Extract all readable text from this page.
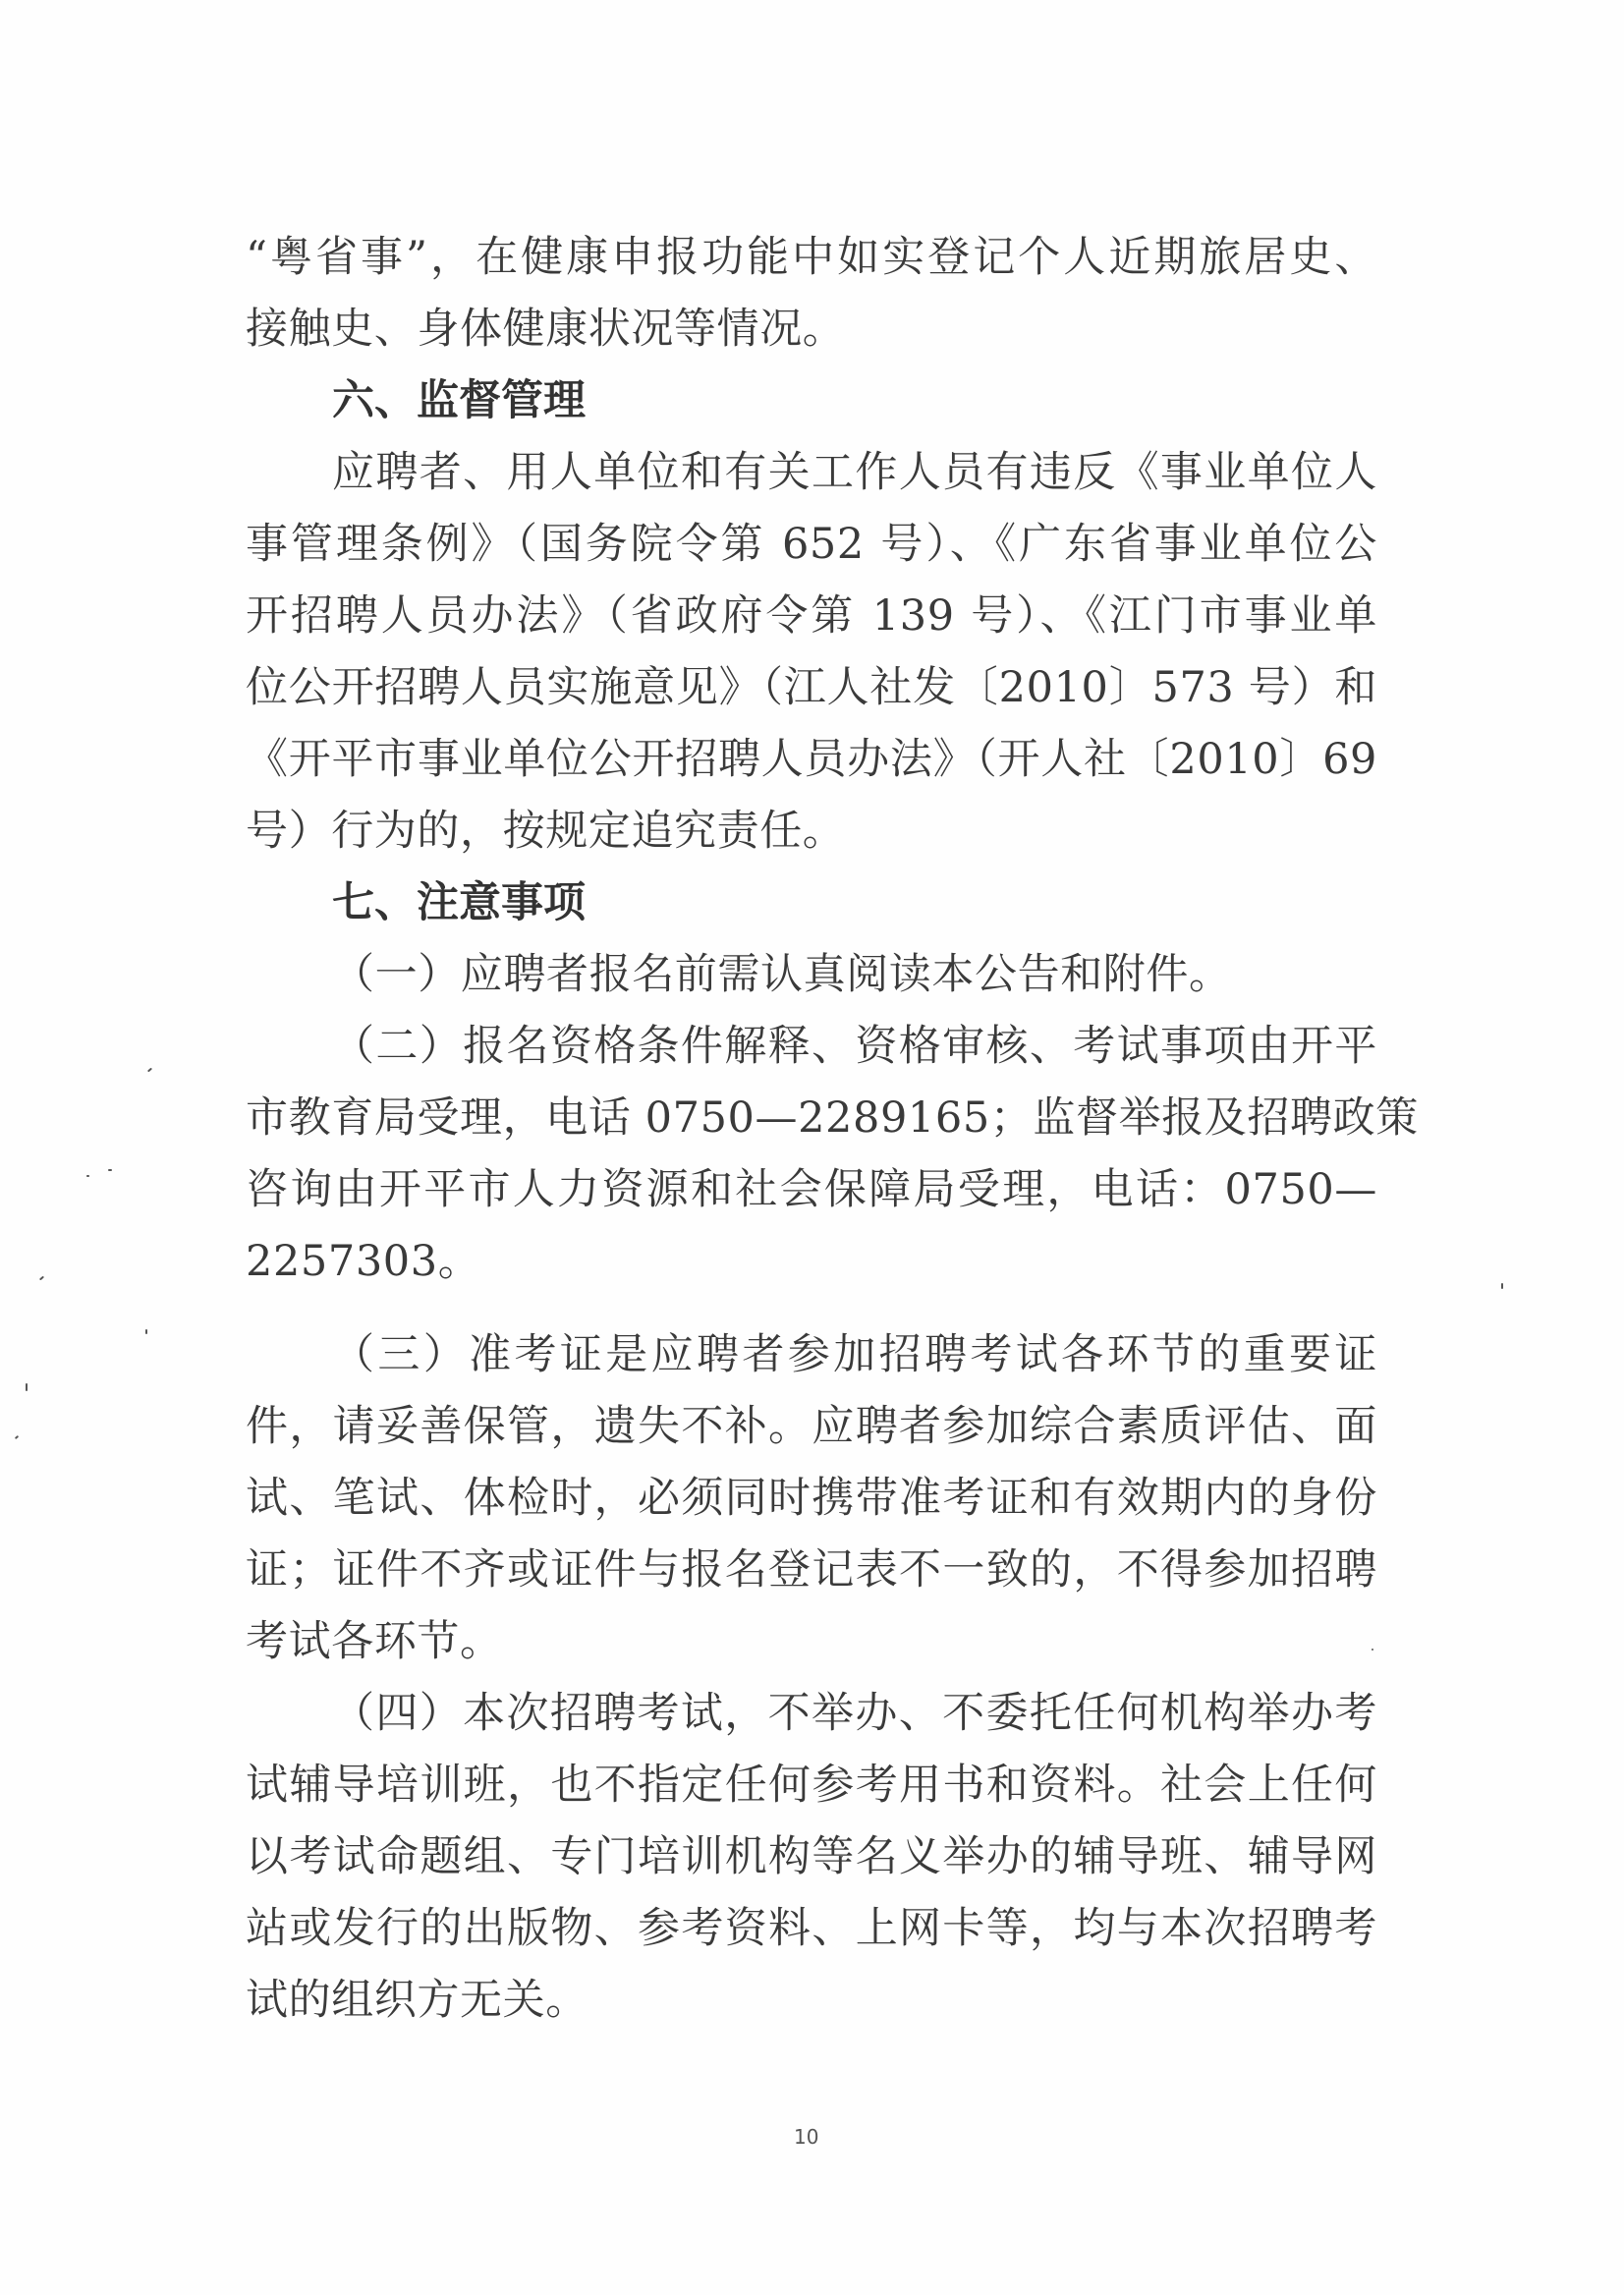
“粤省事”，在健康申报功能中如实登记个人近期旅居史、
接触史、身体健康状况等情况。
六、监督管理
应聘者、用人单位和有关工作人员有违反《事业单位人
事管理条例》（国务院令第 652 号）、《广东省事业单位公
开招聘人员办法》（省政府令第 139 号）、《江门市事业单
位公开招聘人员实施意见》（江人社发〔2010〕573 号）和
《开平市事业单位公开招聘人员办法》（开人社〔2010〕69
号）行为的，按规定追究责任。
七、注意事项
（一）应聘者报名前需认真阅读本公告和附件。
（二）报名资格条件解释、资格审核、考试事项由开平
市教育局受理，电话 0750—2289165；监督举报及招聘政策
咨询由开平市人力资源和社会保障局受理，电话：0750—
2257303。
（三）准考证是应聘者参加招聘考试各环节的重要证
件，请妥善保管，遗失不补。应聘者参加综合素质评估、面
试、笔试、体检时，必须同时携带准考证和有效期内的身份
证；证件不齐或证件与报名登记表不一致的，不得参加招聘
考试各环节。
（四）本次招聘考试，不举办、不委托任何机构举办考
试辅导培训班，也不指定任何参考用书和资料。社会上任何
以考试命题组、专门培训机构等名义举办的辅导班、辅导网
站或发行的出版物、参考资料、上网卡等，均与本次招聘考
试的组织方无关。
10
